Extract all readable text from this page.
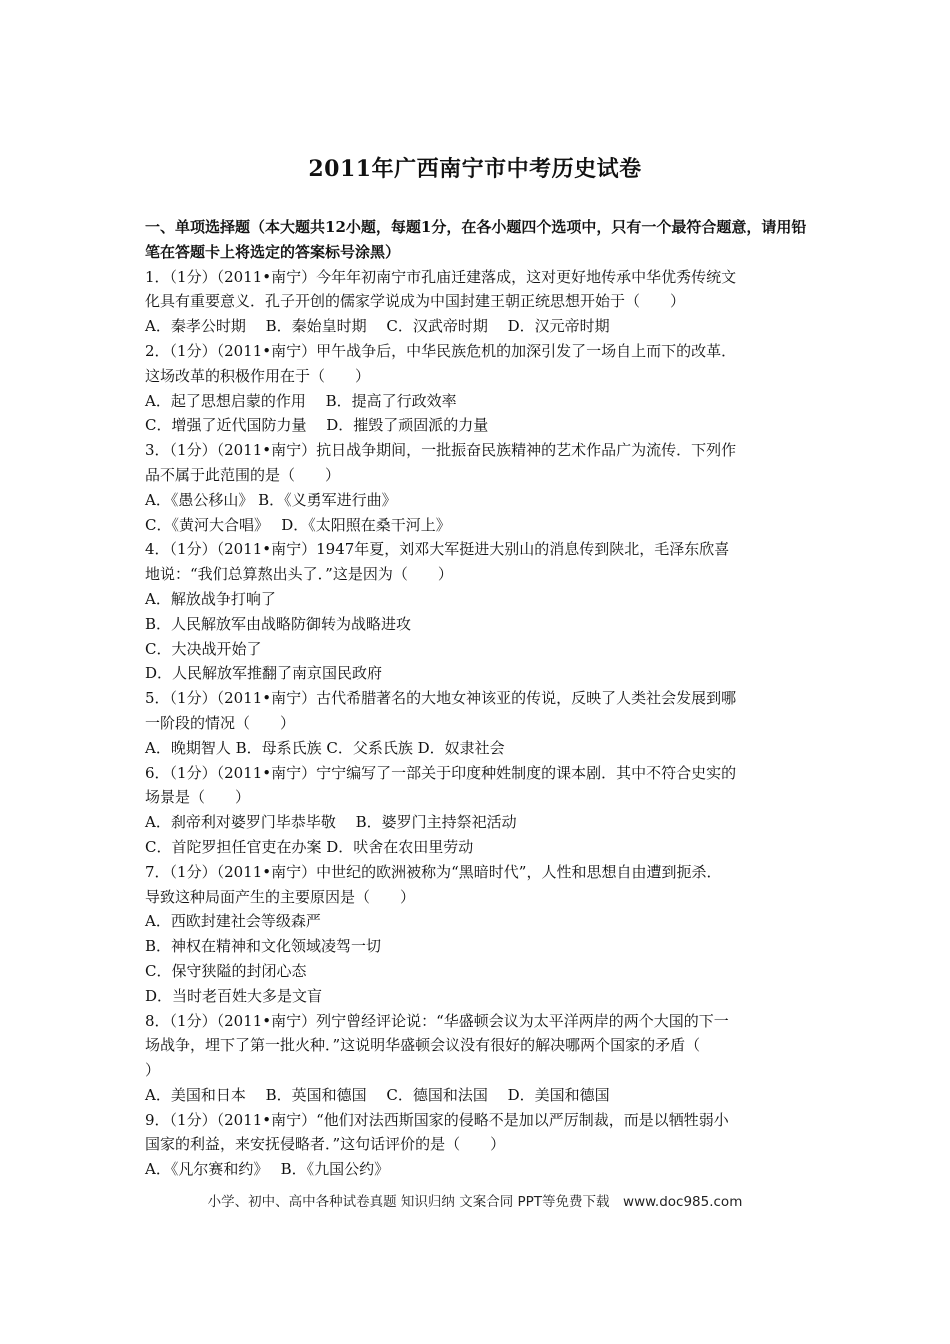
2011年广西南宁市中考历史试卷
一、单项选择题（本大题共12小题，每题1分，在各小题四个选项中，只有一个最符合题意，请用铅笔在答题卡上将选定的答案标号涂黑）
1．（1分）（2011•南宁）今年年初南宁市孔庙迁建落成，这对更好地传承中华优秀传统文
化具有重要意义．孔子开创的儒家学说成为中国封建王朝正统思想开始于（　　）
A．秦孝公时期　 B．秦始皇时期　 C．汉武帝时期　 D．汉元帝时期
2．（1分）（2011•南宁）甲午战争后，中华民族危机的加深引发了一场自上而下的改革．
这场改革的积极作用在于（　　）
A．起了思想启蒙的作用　 B．提高了行政效率
C．增强了近代国防力量　 D．摧毁了顽固派的力量
3．（1分）（2011•南宁）抗日战争期间，一批振奋民族精神的艺术作品广为流传．下列作
品不属于此范围的是（　　）
A．《愚公移山》 B．《义勇军进行曲》
C．《黄河大合唱》　 D．《太阳照在桑干河上》
4．（1分）（2011•南宁）1947年夏，刘邓大军挺进大别山的消息传到陕北，毛泽东欣喜
地说：“我们总算熬出头了．”这是因为（　　）
A．解放战争打响了
B．人民解放军由战略防御转为战略进攻
C．大决战开始了
D．人民解放军推翻了南京国民政府
5．（1分）（2011•南宁）古代希腊著名的大地女神该亚的传说，反映了人类社会发展到哪
一阶段的情况（　　）
A．晚期智人 B．母系氏族 C．父系氏族 D．奴隶社会
6．（1分）（2011•南宁）宁宁编写了一部关于印度种姓制度的课本剧．其中不符合史实的
场景是（　　）
A．刹帝利对婆罗门毕恭毕敬　 B．婆罗门主持祭祀活动
C．首陀罗担任官吏在办案 D．吠舍在农田里劳动
7．（1分）（2011•南宁）中世纪的欧洲被称为“黑暗时代”，人性和思想自由遭到扼杀．
导致这种局面产生的主要原因是（　　）
A．西欧封建社会等级森严
B．神权在精神和文化领域凌驾一切
C．保守狭隘的封闭心态
D．当时老百姓大多是文盲
8．（1分）（2011•南宁）列宁曾经评论说：“华盛顿会议为太平洋两岸的两个大国的下一
场战争，埋下了第一批火种．”这说明华盛顿会议没有很好的解决哪两个国家的矛盾（
）
A．美国和日本　 B．英国和德国　 C．德国和法国　 D．美国和德国
9．（1分）（2011•南宁）“他们对法西斯国家的侵略不是加以严厉制裁，而是以牺牲弱小
国家的利益，来安抚侵略者．”这句话评价的是（　　）
A．《凡尔赛和约》　 B．《九国公约》
小学、初中、高中各种试卷真题 知识归纳 文案合同 PPT等免费下载　www.doc985.com
